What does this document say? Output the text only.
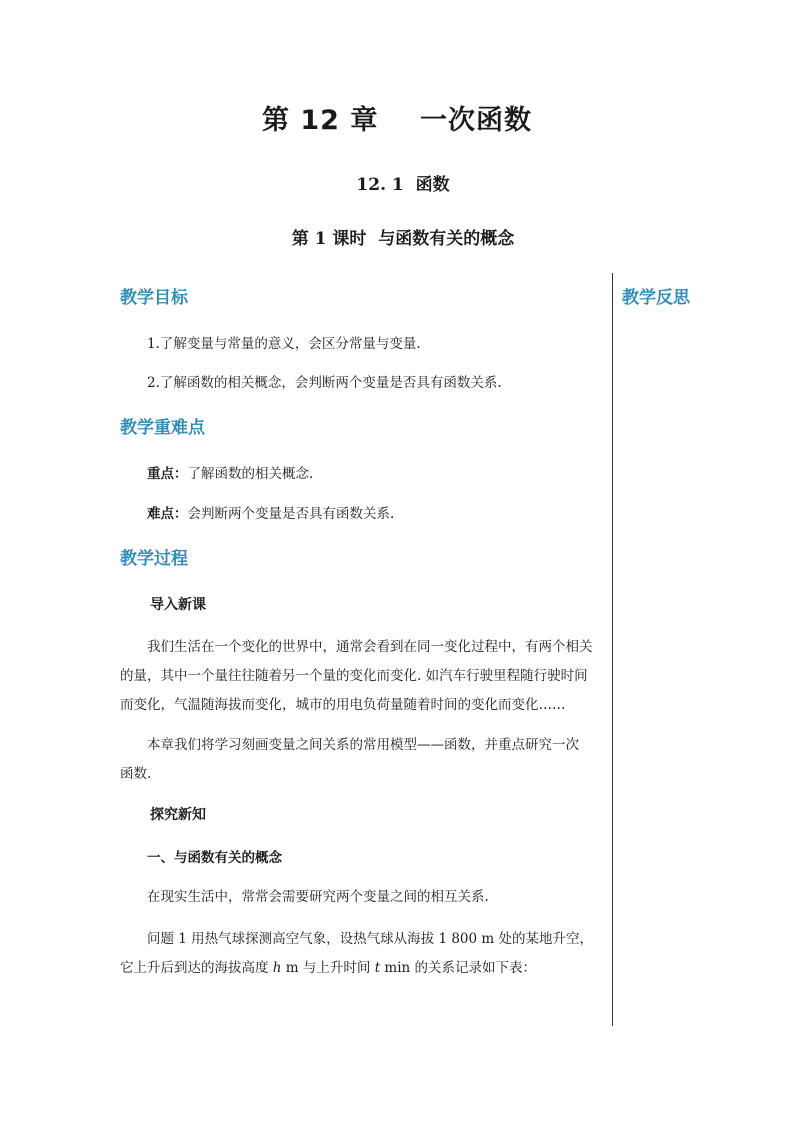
第 12 章    一次函数
12. 1  函数
第 1 课时  与函数有关的概念
教学反思
教学目标
1.了解变量与常量的意义，会区分常量与变量.
2.了解函数的相关概念，会判断两个变量是否具有函数关系.
教学重难点
重点：了解函数的相关概念.
难点：会判断两个变量是否具有函数关系.
教学过程
导入新课
我们生活在一个变化的世界中，通常会看到在同一变化过程中，有两个相关
的量，其中一个量往往随着另一个量的变化而变化. 如汽车行驶里程随行驶时间
而变化，气温随海拔而变化，城市的用电负荷量随着时间的变化而变化……
本章我们将学习刻画变量之间关系的常用模型——函数，并重点研究一次
函数.
探究新知
一、与函数有关的概念
在现实生活中，常常会需要研究两个变量之间的相互关系.
问题 1 用热气球探测高空气象，设热气球从海拔 1 800 m 处的某地升空，
它上升后到达的海拔高度 h m 与上升时间 t min 的关系记录如下表：
